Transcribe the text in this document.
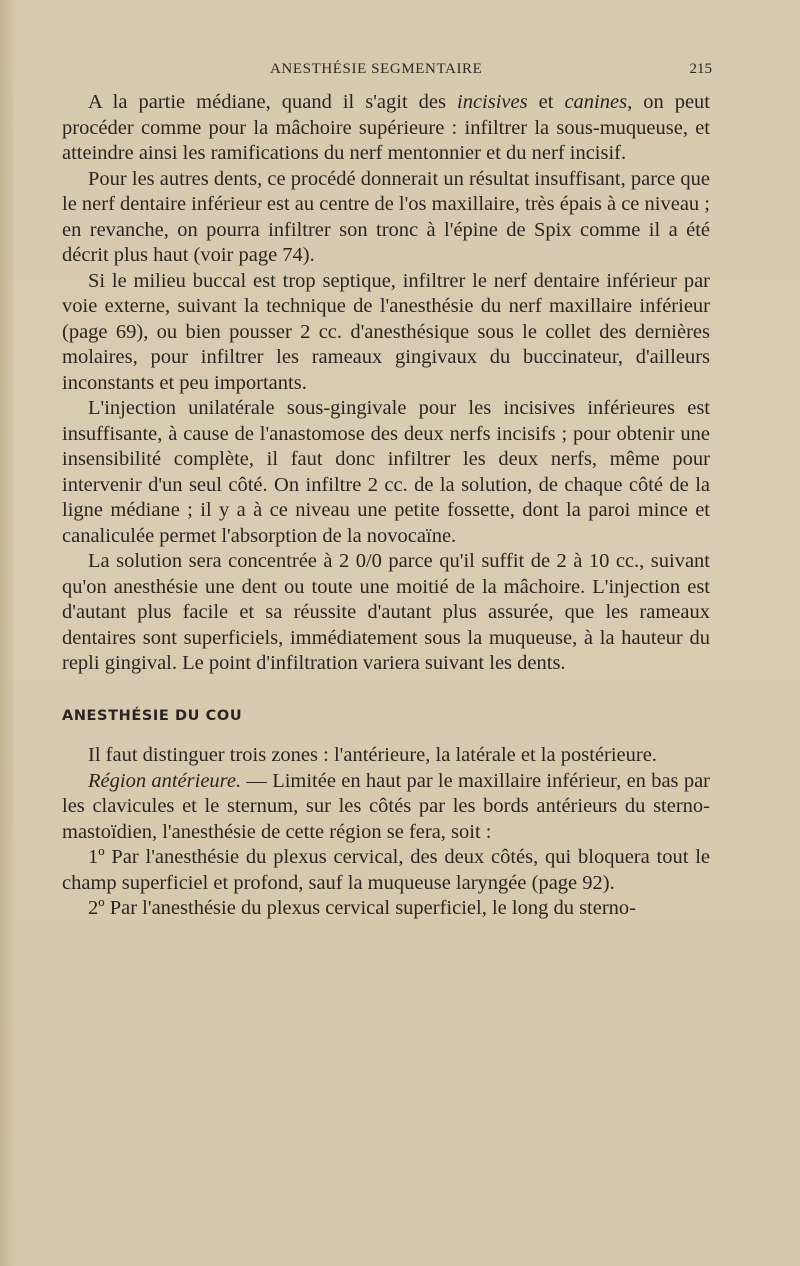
ANESTHÉSIE SEGMENTAIRE	215

A la partie médiane, quand il s'agit des incisives et canines, on peut procéder comme pour la mâchoire supérieure : infiltrer la sous-muqueuse, et atteindre ainsi les ramifications du nerf mentonnier et du nerf incisif.

Pour les autres dents, ce procédé donnerait un résultat insuffisant, parce que le nerf dentaire inférieur est au centre de l'os maxillaire, très épais à ce niveau ; en revanche, on pourra infiltrer son tronc à l'épine de Spix comme il a été décrit plus haut (voir page 74).

Si le milieu buccal est trop septique, infiltrer le nerf dentaire inférieur par voie externe, suivant la technique de l'anesthésie du nerf maxillaire inférieur (page 69), ou bien pousser 2 cc. d'anesthésique sous le collet des dernières molaires, pour infiltrer les rameaux gingivaux du buccinateur, d'ailleurs inconstants et peu importants.

L'injection unilatérale sous-gingivale pour les incisives inférieures est insuffisante, à cause de l'anastomose des deux nerfs incisifs ; pour obtenir une insensibilité complète, il faut donc infiltrer les deux nerfs, même pour intervenir d'un seul côté. On infiltre 2 cc. de la solution, de chaque côté de la ligne médiane ; il y a à ce niveau une petite fossette, dont la paroi mince et canaliculée permet l'absorption de la novocaïne.

La solution sera concentrée à 2 0/0 parce qu'il suffit de 2 à 10 cc., suivant qu'on anesthésie une dent ou toute une moitié de la mâchoire. L'injection est d'autant plus facile et sa réussite d'autant plus assurée, que les rameaux dentaires sont superficiels, immédiatement sous la muqueuse, à la hauteur du repli gingival. Le point d'infiltration variera suivant les dents.

ANESTHÉSIE DU COU

Il faut distinguer trois zones : l'antérieure, la latérale et la postérieure.

Région antérieure. — Limitée en haut par le maxillaire inférieur, en bas par les clavicules et le sternum, sur les côtés par les bords antérieurs du sterno-mastoïdien, l'anesthésie de cette région se fera, soit :

1º Par l'anesthésie du plexus cervical, des deux côtés, qui bloquera tout le champ superficiel et profond, sauf la muqueuse laryngée (page 92).

2º Par l'anesthésie du plexus cervical superficiel, le long du sterno-
